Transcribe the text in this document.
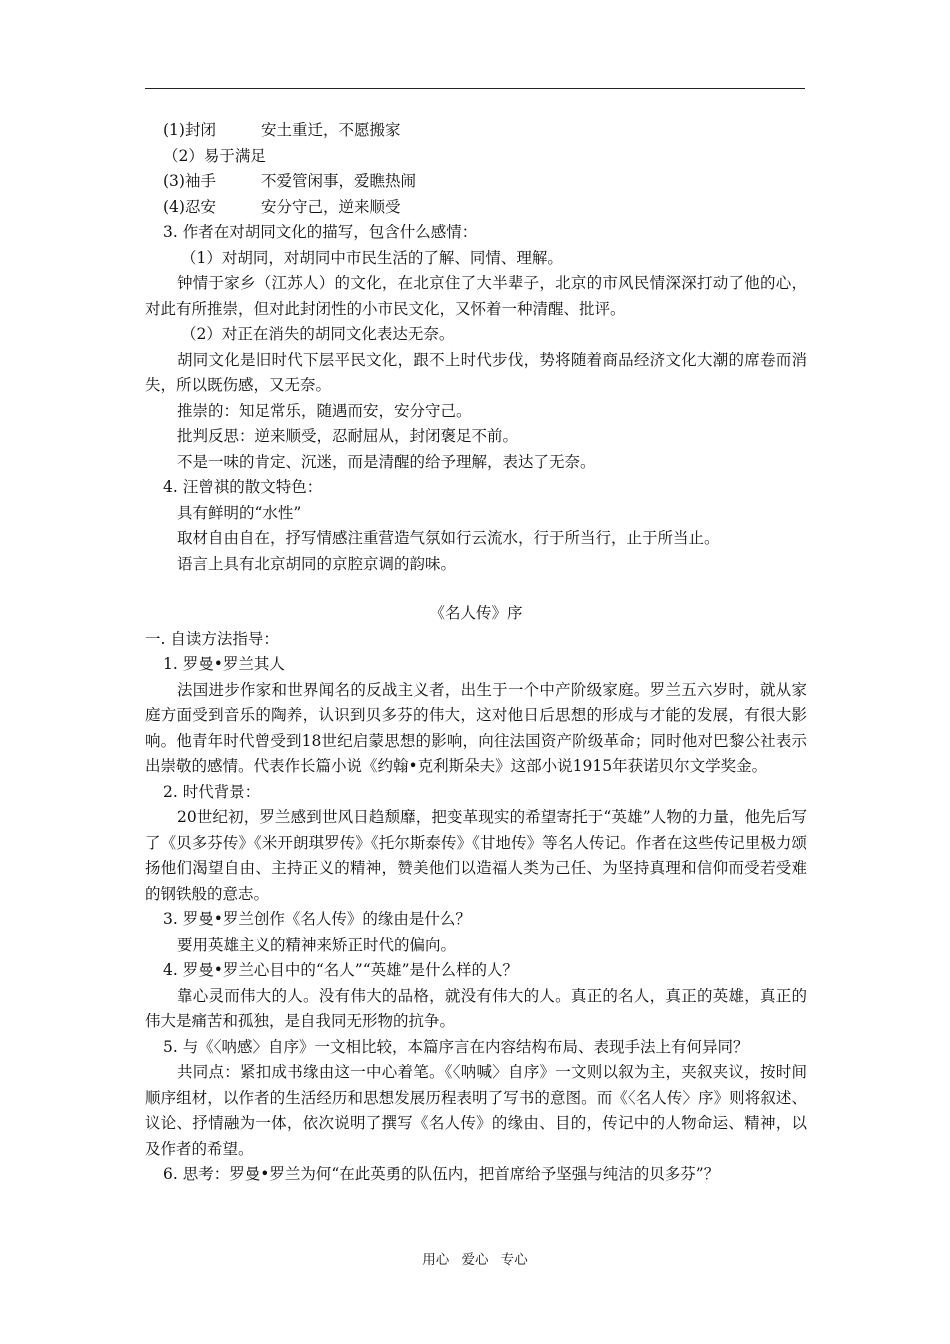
(1)封闭	安土重迁，不愿搬家
（2）易于满足
(3)袖手	不爱管闲事，爱瞧热闹
(4)忍安	安分守己，逆来顺受
3. 作者在对胡同文化的描写，包含什么感情：
（1）对胡同，对胡同中市民生活的了解、同情、理解。
钟情于家乡（江苏人）的文化，在北京住了大半辈子，北京的市风民情深深打动了他的心，对此有所推崇，但对此封闭性的小市民文化，又怀着一种清醒、批评。
（2）对正在消失的胡同文化表达无奈。
胡同文化是旧时代下层平民文化，跟不上时代步伐，势将随着商品经济文化大潮的席卷而消失，所以既伤感，又无奈。
推崇的：知足常乐，随遇而安，安分守己。
批判反思：逆来顺受，忍耐屈从，封闭褒足不前。
不是一味的肯定、沉迷，而是清醒的给予理解，表达了无奈。
4. 汪曾祺的散文特色：
具有鲜明的“水性”
取材自由自在，抒写情感注重营造气氛如行云流水，行于所当行，止于所当止。
语言上具有北京胡同的京腔京调的韵味。
《名人传》序
一. 自读方法指导：
1. 罗曼•罗兰其人
法国进步作家和世界闻名的反战主义者，出生于一个中产阶级家庭。罗兰五六岁时，就从家庭方面受到音乐的陶养，认识到贝多芬的伟大，这对他日后思想的形成与才能的发展，有很大影响。他青年时代曾受到18世纪启蒙思想的影响，向往法国资产阶级革命；同时他对巴黎公社表示出崇敬的感情。代表作长篇小说《约翰•克利斯朵夫》这部小说1915年获诺贝尔文学奖金。
2. 时代背景：
20世纪初，罗兰感到世风日趋颓靡，把变革现实的希望寄托于“英雄”人物的力量，他先后写了《贝多芬传》《米开朗琪罗传》《托尔斯泰传》《甘地传》等名人传记。作者在这些传记里极力颂扬他们渴望自由、主持正义的精神，赞美他们以造福人类为己任、为坚持真理和信仰而受若受难的钢铁般的意志。
3. 罗曼•罗兰创作《名人传》的缘由是什么？
要用英雄主义的精神来矫正时代的偏向。
4. 罗曼•罗兰心目中的“名人”“英雄”是什么样的人？
靠心灵而伟大的人。没有伟大的品格，就没有伟大的人。真正的名人，真正的英雄，真正的伟大是痛苦和孤独，是自我同无形物的抗争。
5. 与《〈呐感〉自序》一文相比较，本篇序言在内容结构布局、表现手法上有何异同？
共同点：紧扣成书缘由这一中心着笔。《〈呐喊〉自序》一文则以叙为主，夹叙夹议，按时间顺序组材，以作者的生活经历和思想发展历程表明了写书的意图。而《〈名人传〉序》则将叙述、议论、抒情融为一体，依次说明了撰写《名人传》的缘由、目的，传记中的人物命运、精神，以及作者的希望。
6. 思考：罗曼•罗兰为何“在此英勇的队伍内，把首席给予坚强与纯洁的贝多芬”？
用心 爱心 专心
